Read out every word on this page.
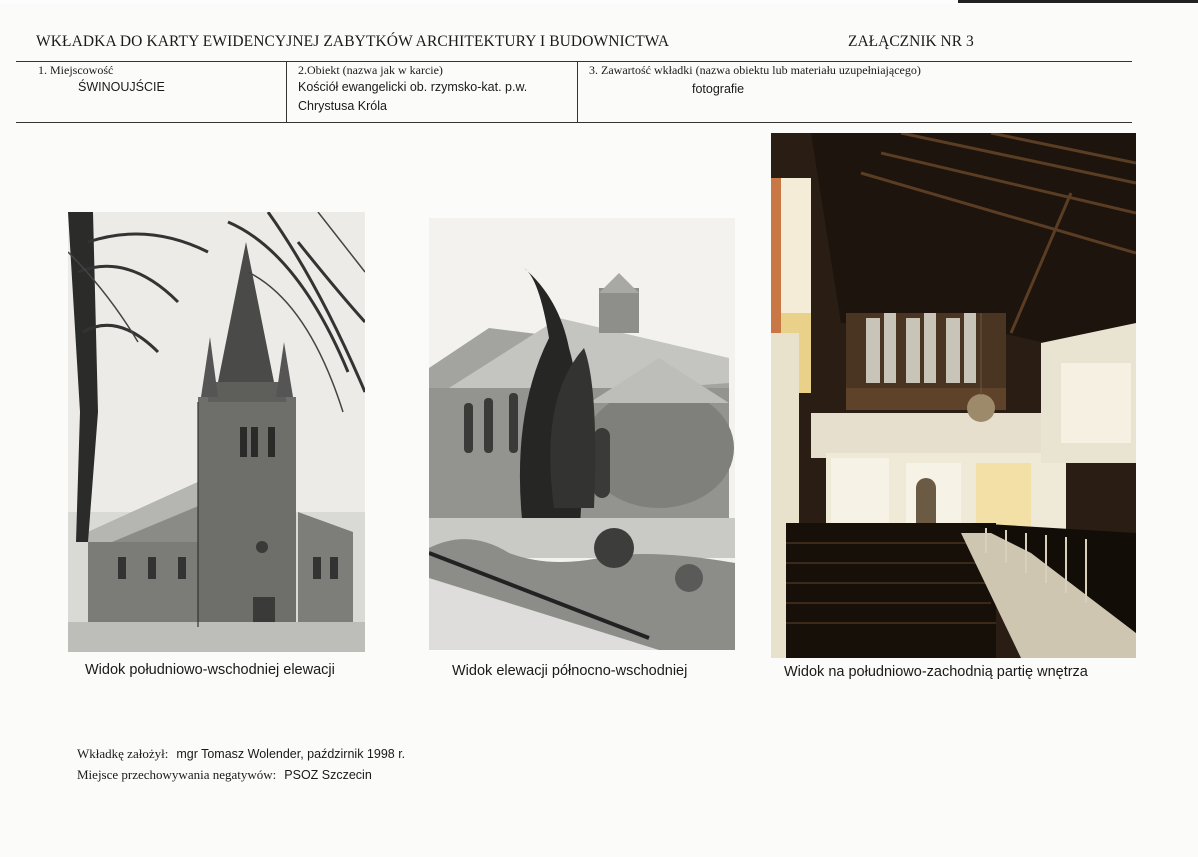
WKŁADKA DO KARTY EWIDENCYJNEJ ZABYTKÓW ARCHITEKTURY I BUDOWNICTWA	ZAŁĄCZNIK NR 3
1. Miejscowość
ŚWINOUJŚCIE
2.Obiekt (nazwa jak w karcie)
Kościół ewangelicki ob. rzymsko-kat. p.w.
Chrystusa Króla
3. Zawartość wkładki (nazwa obiektu lub materiału uzupełniającego)
fotografie
Widok południowo-wschodniej elewacji	Widok elewacji północno-wschodniej	Widok na południowo-zachodnią partię wnętrza
Wkładkę założył: mgr Tomasz Wolender, paździrnik 1998 r.
Miejsce przechowywania negatywów: PSOZ Szczecin
